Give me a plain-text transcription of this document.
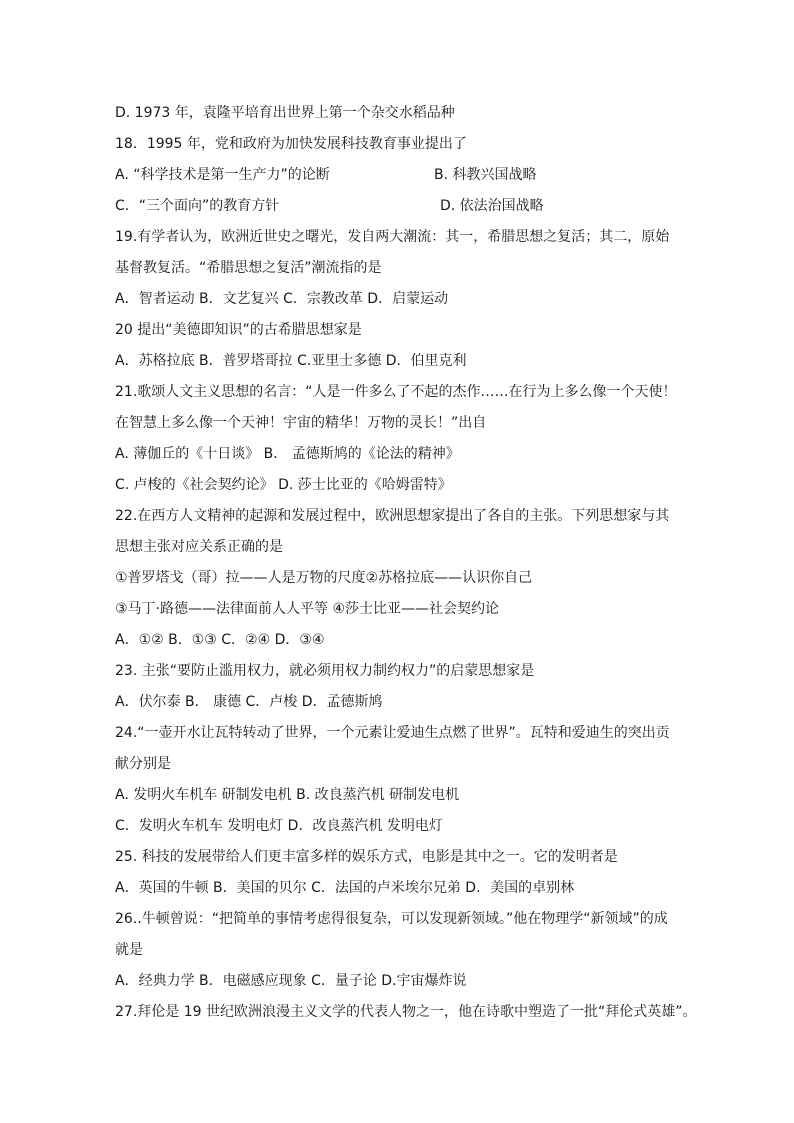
D. 1973 年，袁隆平培育出世界上第一个杂交水稻品种
18．1995 年，党和政府为加快发展科技教育事业提出了
A. “科学技术是第一生产力”的论断	B. 科教兴国战略
C．“三个面向”的教育方针	D. 依法治国战略
19.有学者认为，欧洲近世史之曙光，发自两大潮流：其一，希腊思想之复活；其二，原始
基督教复活。“希腊思想之复活”潮流指的是
A．智者运动 B．文艺复兴 C．宗教改革 D．启蒙运动
20 提出“美德即知识”的古希腊思想家是
A．苏格拉底 B．普罗塔哥拉 C.亚里士多德 D．伯里克利
21.歌颂人文主义思想的名言：“人是一件多么了不起的杰作……在行为上多么像一个天使！
在智慧上多么像一个天神！宇宙的精华！万物的灵长！”出自
A. 薄伽丘的《十日谈》 B． 孟德斯鸠的《论法的精神》
C. 卢梭的《社会契约论》 D. 莎士比亚的《哈姆雷特》
22.在西方人文精神的起源和发展过程中，欧洲思想家提出了各自的主张。下列思想家与其
思想主张对应关系正确的是
①普罗塔戈（哥）拉——人是万物的尺度②苏格拉底——认识你自己
③马丁·路德——法律面前人人平等 ④莎士比亚——社会契约论
A．①② B．①③ C．②④ D．③④
23. 主张“要防止滥用权力，就必须用权力制约权力”的启蒙思想家是
A．伏尔泰 B． 康德 C．卢梭 D．孟德斯鸠
24.“一壶开水让瓦特转动了世界，一个元素让爱迪生点燃了世界”。瓦特和爱迪生的突出贡
献分别是
A. 发明火车机车 研制发电机 B. 改良蒸汽机 研制发电机
C．发明火车机车 发明电灯 D．改良蒸汽机 发明电灯
25. 科技的发展带给人们更丰富多样的娱乐方式，电影是其中之一。它的发明者是
A．英国的牛顿 B．美国的贝尔 C．法国的卢米埃尔兄弟 D．美国的卓别林
26..牛顿曾说：“把简单的事情考虑得很复杂，可以发现新领域。”他在物理学“新领域”的成
就是
A．经典力学 B．电磁感应现象 C．量子论 D.宇宙爆炸说
27.拜伦是 19 世纪欧洲浪漫主义文学的代表人物之一，他在诗歌中塑造了一批“拜伦式英雄”。
